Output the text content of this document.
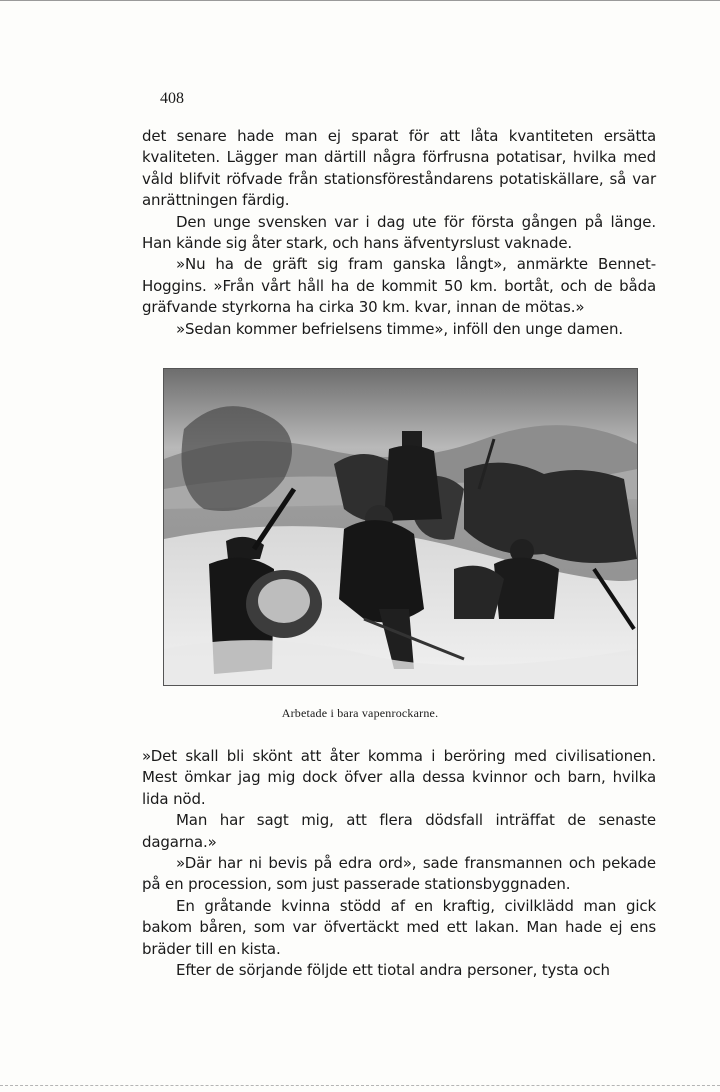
408

det senare hade man ej sparat för att låta kvantiteten ersätta kvaliteten. Lägger man därtill några förfrusna potatisar, hvilka med våld blifvit röfvade från stationsföreståndarens potatiskällare, så var anrättningen färdig.

Den unge svensken var i dag ute för första gången på länge. Han kände sig åter stark, och hans äfventyrslust vaknade.

»Nu ha de gräft sig fram ganska långt», anmärkte Bennet-Hoggins. »Från vårt håll ha de kommit 50 km. bortåt, och de båda gräfvande styrkorna ha cirka 30 km. kvar, innan de mötas.»

»Sedan kommer befrielsens timme», inföll den unge damen.

Arbetade i bara vapenrockarne.

»Det skall bli skönt att åter komma i beröring med civilisationen. Mest ömkar jag mig dock öfver alla dessa kvinnor och barn, hvilka lida nöd.

Man har sagt mig, att flera dödsfall inträffat de senaste dagarna.»

»Där har ni bevis på edra ord», sade fransmannen och pekade på en procession, som just passerade stationsbyggnaden.

En gråtande kvinna stödd af en kraftig, civilklädd man gick bakom båren, som var öfvertäckt med ett lakan. Man hade ej ens bräder till en kista.

Efter de sörjande följde ett tiotal andra personer, tysta och
